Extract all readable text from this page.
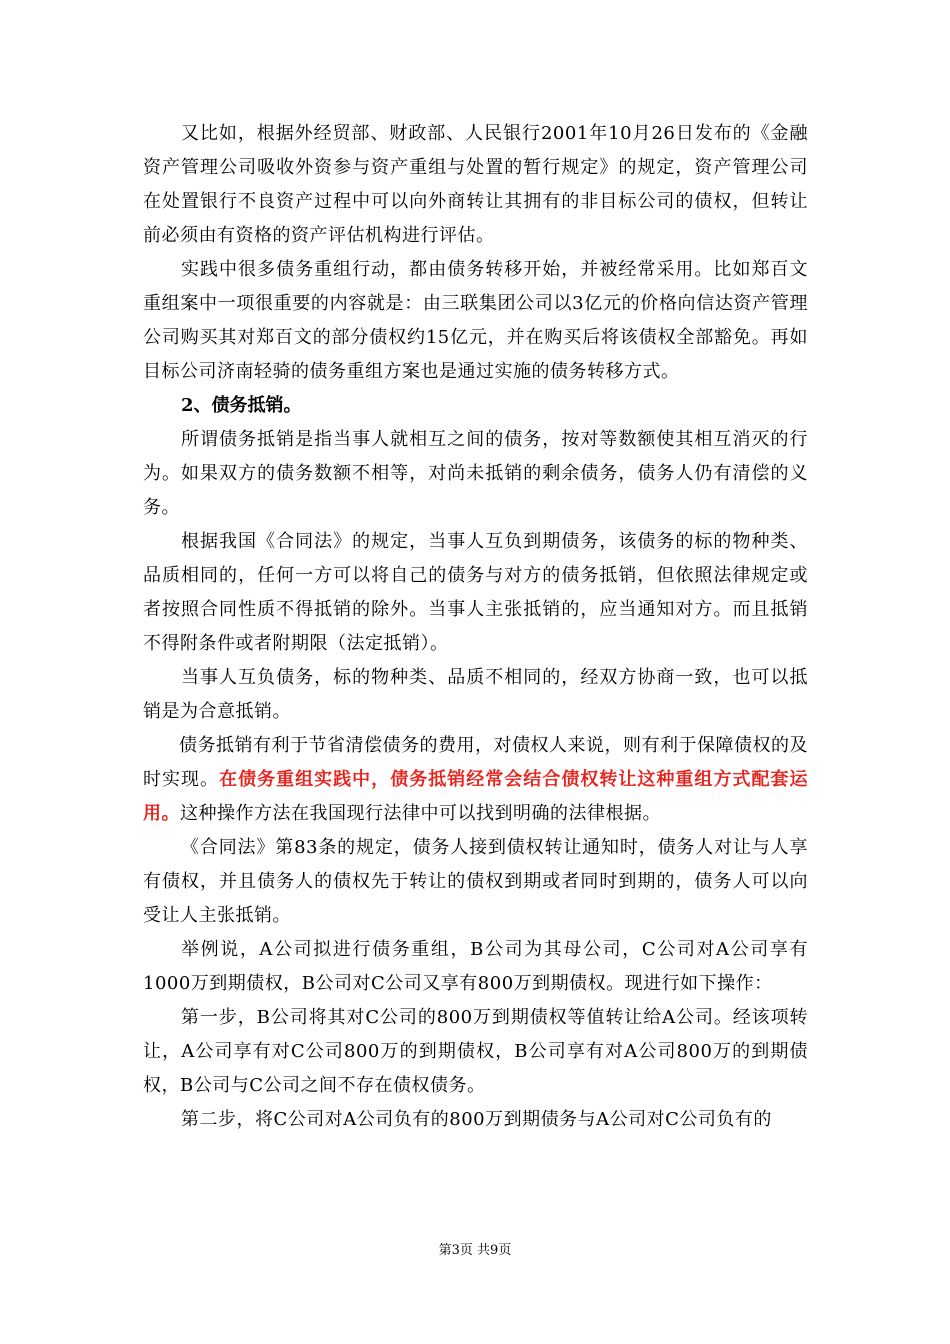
又比如，根据外经贸部、财政部、人民银行2001年10月26日发布的《金融资产管理公司吸收外资参与资产重组与处置的暂行规定》的规定，资产管理公司在处置银行不良资产过程中可以向外商转让其拥有的非目标公司的债权，但转让前必须由有资格的资产评估机构进行评估。

实践中很多债务重组行动，都由债务转移开始，并被经常采用。比如郑百文重组案中一项很重要的内容就是：由三联集团公司以3亿元的价格向信达资产管理公司购买其对郑百文的部分债权约15亿元，并在购买后将该债权全部豁免。再如目标公司济南轻骑的债务重组方案也是通过实施的债务转移方式。

2、债务抵销。

所谓债务抵销是指当事人就相互之间的债务，按对等数额使其相互消灭的行为。如果双方的债务数额不相等，对尚未抵销的剩余债务，债务人仍有清偿的义务。

根据我国《合同法》的规定，当事人互负到期债务，该债务的标的物种类、品质相同的，任何一方可以将自己的债务与对方的债务抵销，但依照法律规定或者按照合同性质不得抵销的除外。当事人主张抵销的，应当通知对方。而且抵销不得附条件或者附期限（法定抵销）。

当事人互负债务，标的物种类、品质不相同的，经双方协商一致，也可以抵销是为合意抵销。

债务抵销有利于节省清偿债务的费用，对债权人来说，则有利于保障债权的及时实现。在债务重组实践中，债务抵销经常会结合债权转让这种重组方式配套运用。这种操作方法在我国现行法律中可以找到明确的法律根据。

《合同法》第83条的规定，债务人接到债权转让通知时，债务人对让与人享有债权，并且债务人的债权先于转让的债权到期或者同时到期的，债务人可以向受让人主张抵销。

举例说，A公司拟进行债务重组，B公司为其母公司，C公司对A公司享有1000万到期债权，B公司对C公司又享有800万到期债权。现进行如下操作：

第一步，B公司将其对C公司的800万到期债权等值转让给A公司。经该项转让，A公司享有对C公司800万的到期债权，B公司享有对A公司800万的到期债权，B公司与C公司之间不存在债权债务。

第二步，将C公司对A公司负有的800万到期债务与A公司对C公司负有的

第3页 共9页
